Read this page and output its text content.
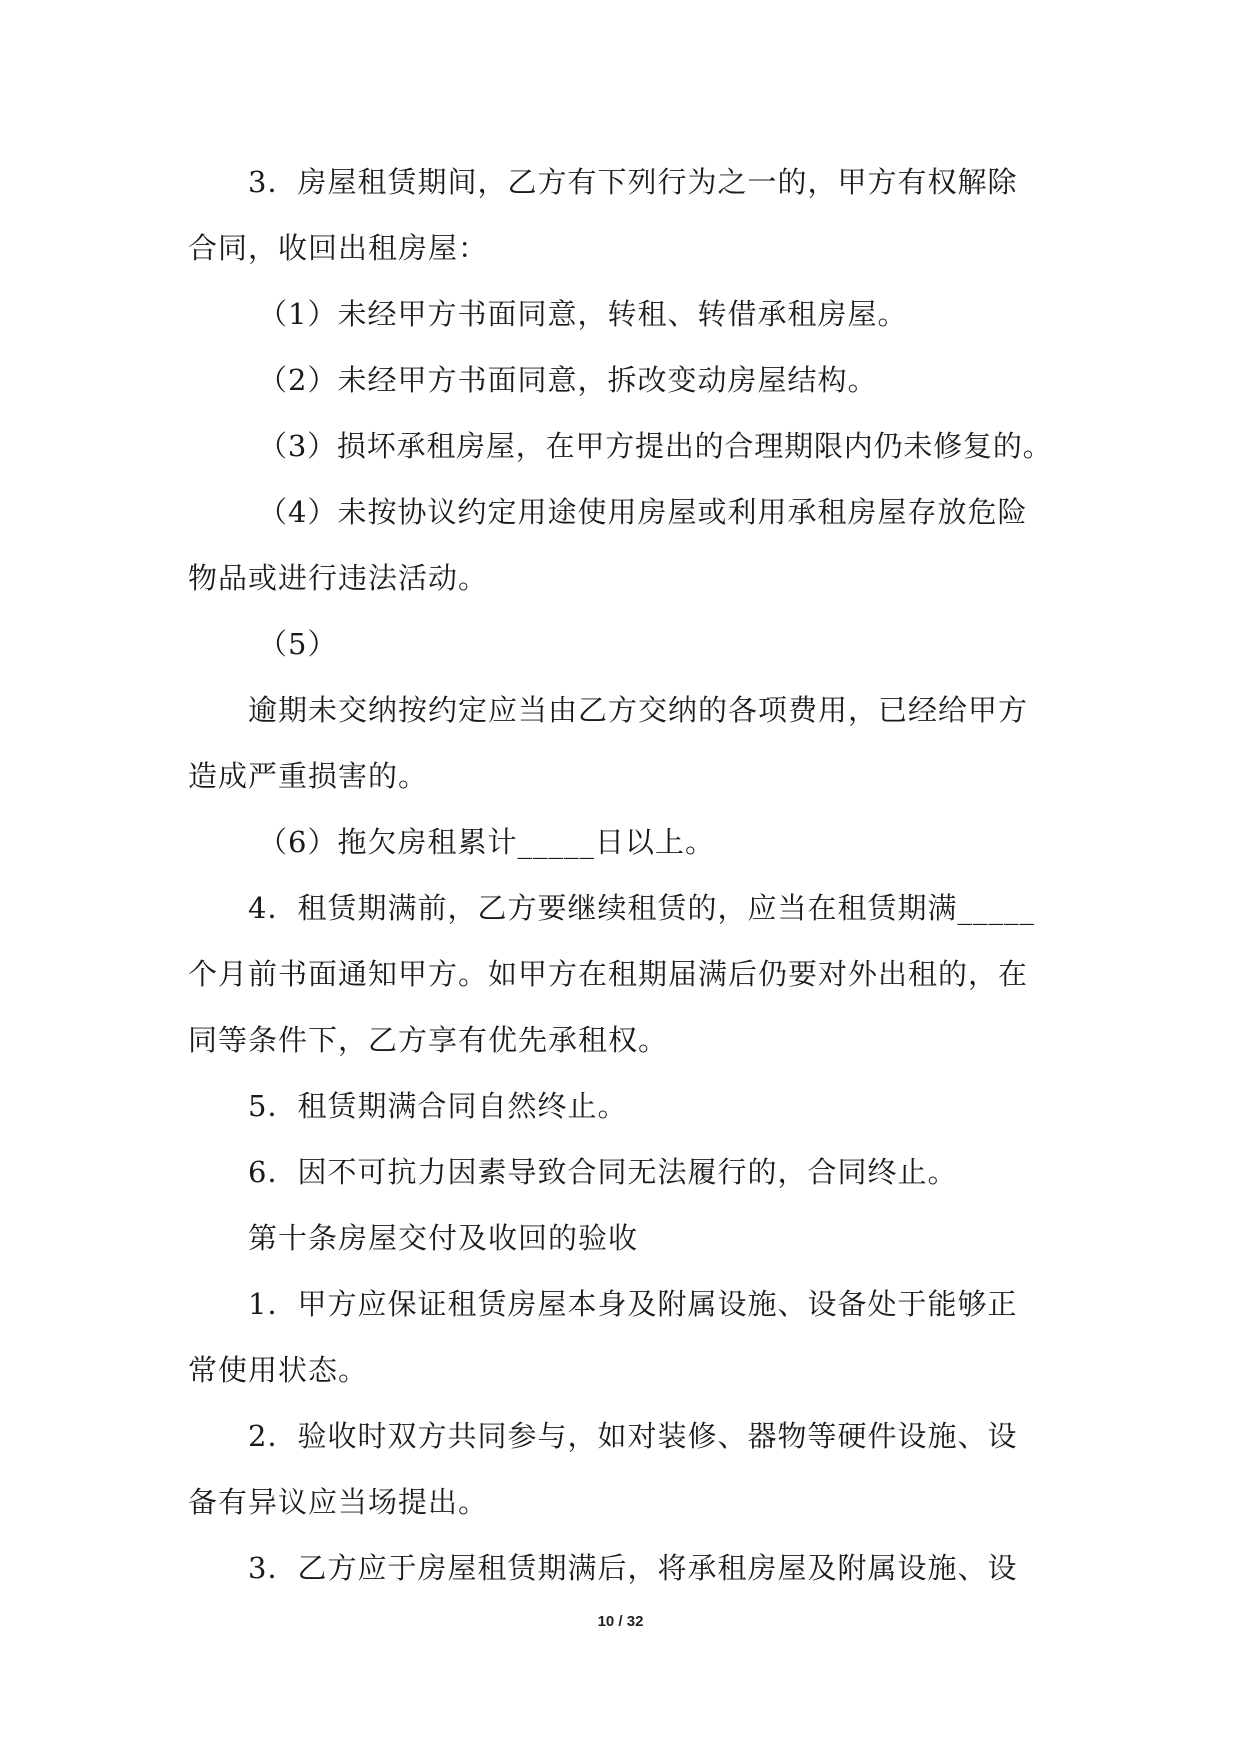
3．房屋租赁期间，乙方有下列行为之一的，甲方有权解除
合同，收回出租房屋：
（1）未经甲方书面同意，转租、转借承租房屋。
（2）未经甲方书面同意，拆改变动房屋结构。
（3）损坏承租房屋，在甲方提出的合理期限内仍未修复的。
（4）未按协议约定用途使用房屋或利用承租房屋存放危险
物品或进行违法活动。
（5）
逾期未交纳按约定应当由乙方交纳的各项费用，已经给甲方
造成严重损害的。
（6）拖欠房租累计_____日以上。
4．租赁期满前，乙方要继续租赁的，应当在租赁期满_____
个月前书面通知甲方。如甲方在租期届满后仍要对外出租的，在
同等条件下，乙方享有优先承租权。
5．租赁期满合同自然终止。
6．因不可抗力因素导致合同无法履行的，合同终止。
第十条房屋交付及收回的验收
1．甲方应保证租赁房屋本身及附属设施、设备处于能够正
常使用状态。
2．验收时双方共同参与，如对装修、器物等硬件设施、设
备有异议应当场提出。
3．乙方应于房屋租赁期满后，将承租房屋及附属设施、设
10 / 32
